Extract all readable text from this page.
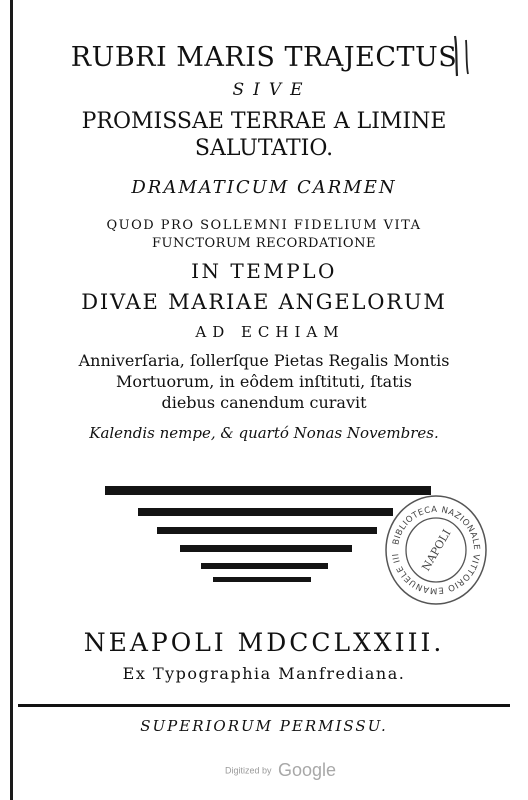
RUBRI MARIS TRAJECTUS
SIVE
PROMISSAE TERRAE A LIMINE
SALUTATIO.
DRAMATICUM CARMEN
QUOD PRO SOLLEMNI FIDELIUM VITA
FUNCTORUM RECORDATIONE
IN TEMPLO
DIVAE MARIAE ANGELORUM
AD ECHIAM
Anniverſaria, ſollerſque Pietas Regalis Montis
Mortuorum, in eôdem inſtituti, ſtatis
diebus canendum curavit
Kalendis nempe, & quartó Nonas Novembres.
BIBLIOTECA NAZIONALE VITTORIO EMANUELE III	NAPOLI
NEAPOLI MDCCLXXIII.
Ex Typographia Manfrediana.
SUPERIORUM PERMISSU.
Digitized by Google
